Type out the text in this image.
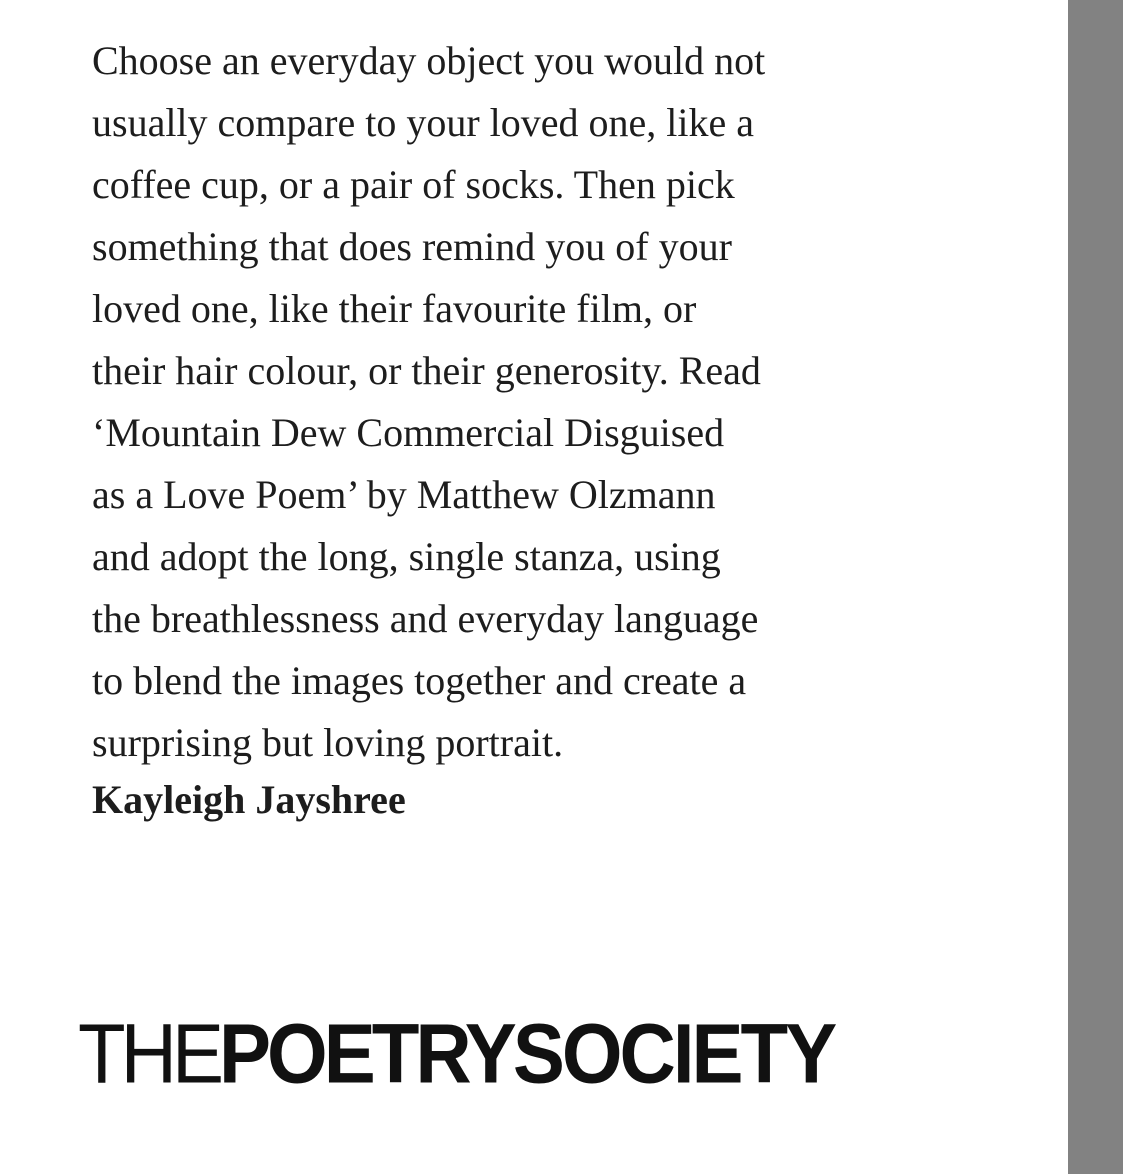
Choose an everyday object you would not
usually compare to your loved one, like a
coffee cup, or a pair of socks. Then pick
something that does remind you of your
loved one, like their favourite film, or
their hair colour, or their generosity. Read
‘Mountain Dew Commercial Disguised
as a Love Poem’ by Matthew Olzmann
and adopt the long, single stanza, using
the breathlessness and everyday language
to blend the images together and create a
surprising but loving portrait.
Kayleigh Jayshree
THEPOETRYSOCIETY
